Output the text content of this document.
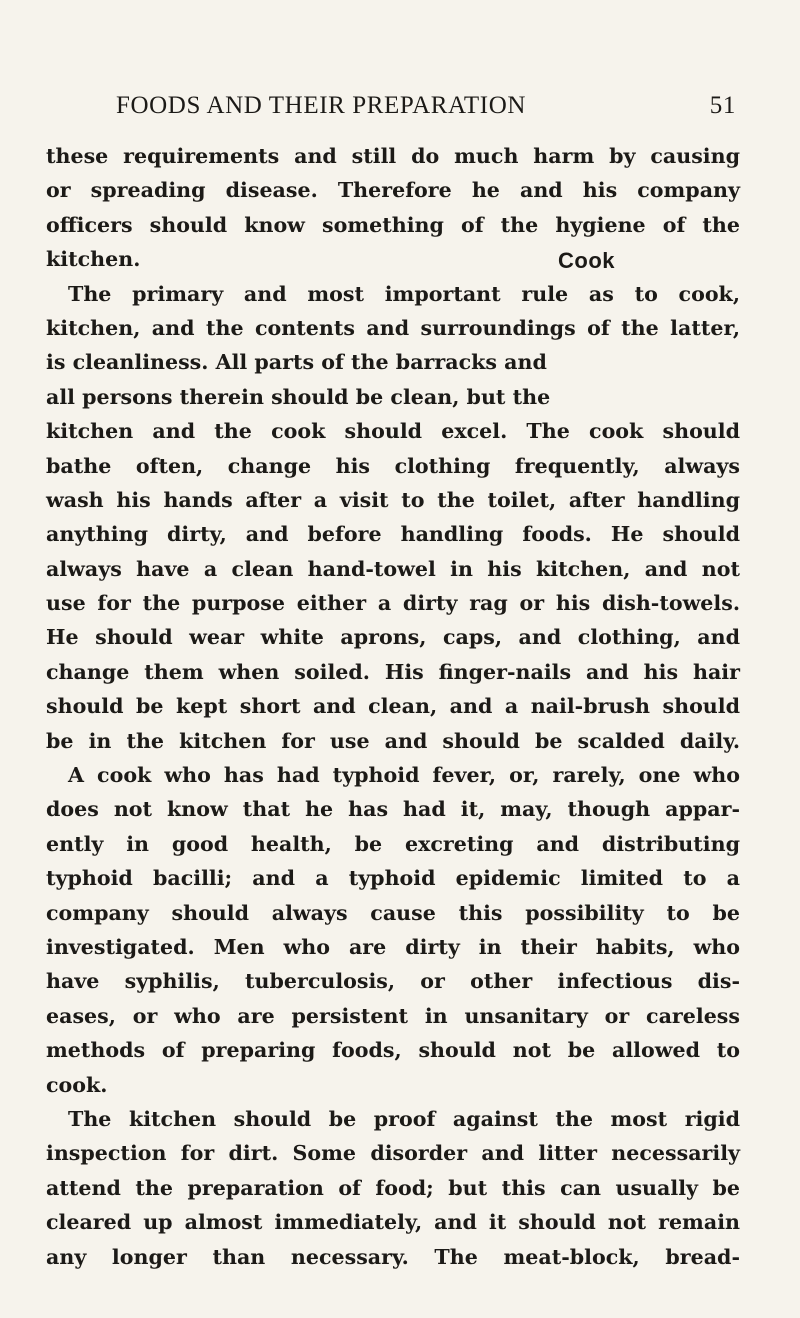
FOODS AND THEIR PREPARATION	51
Cook
these requirements and still do much harm by causing
or spreading disease. Therefore he and his company
officers should know something of the hygiene of the
kitchen.
The primary and most important rule as to cook,
kitchen, and the contents and surroundings of the latter,
is cleanliness. All parts of the barracks and
all persons therein should be clean, but the
kitchen and the cook should excel. The cook should
bathe often, change his clothing frequently, always
wash his hands after a visit to the toilet, after handling
anything dirty, and before handling foods. He should
always have a clean hand-towel in his kitchen, and not
use for the purpose either a dirty rag or his dish-towels.
He should wear white aprons, caps, and clothing, and
change them when soiled. His finger-nails and his hair
should be kept short and clean, and a nail-brush should
be in the kitchen for use and should be scalded daily.
A cook who has had typhoid fever, or, rarely, one who
does not know that he has had it, may, though appar-
ently in good health, be excreting and distributing
typhoid bacilli; and a typhoid epidemic limited to a
company should always cause this possibility to be
investigated. Men who are dirty in their habits, who
have syphilis, tuberculosis, or other infectious dis-
eases, or who are persistent in unsanitary or careless
methods of preparing foods, should not be allowed to
cook.
The kitchen should be proof against the most rigid
inspection for dirt. Some disorder and litter necessarily
attend the preparation of food; but this can usually be
cleared up almost immediately, and it should not remain
any longer than necessary. The meat-block, bread-
